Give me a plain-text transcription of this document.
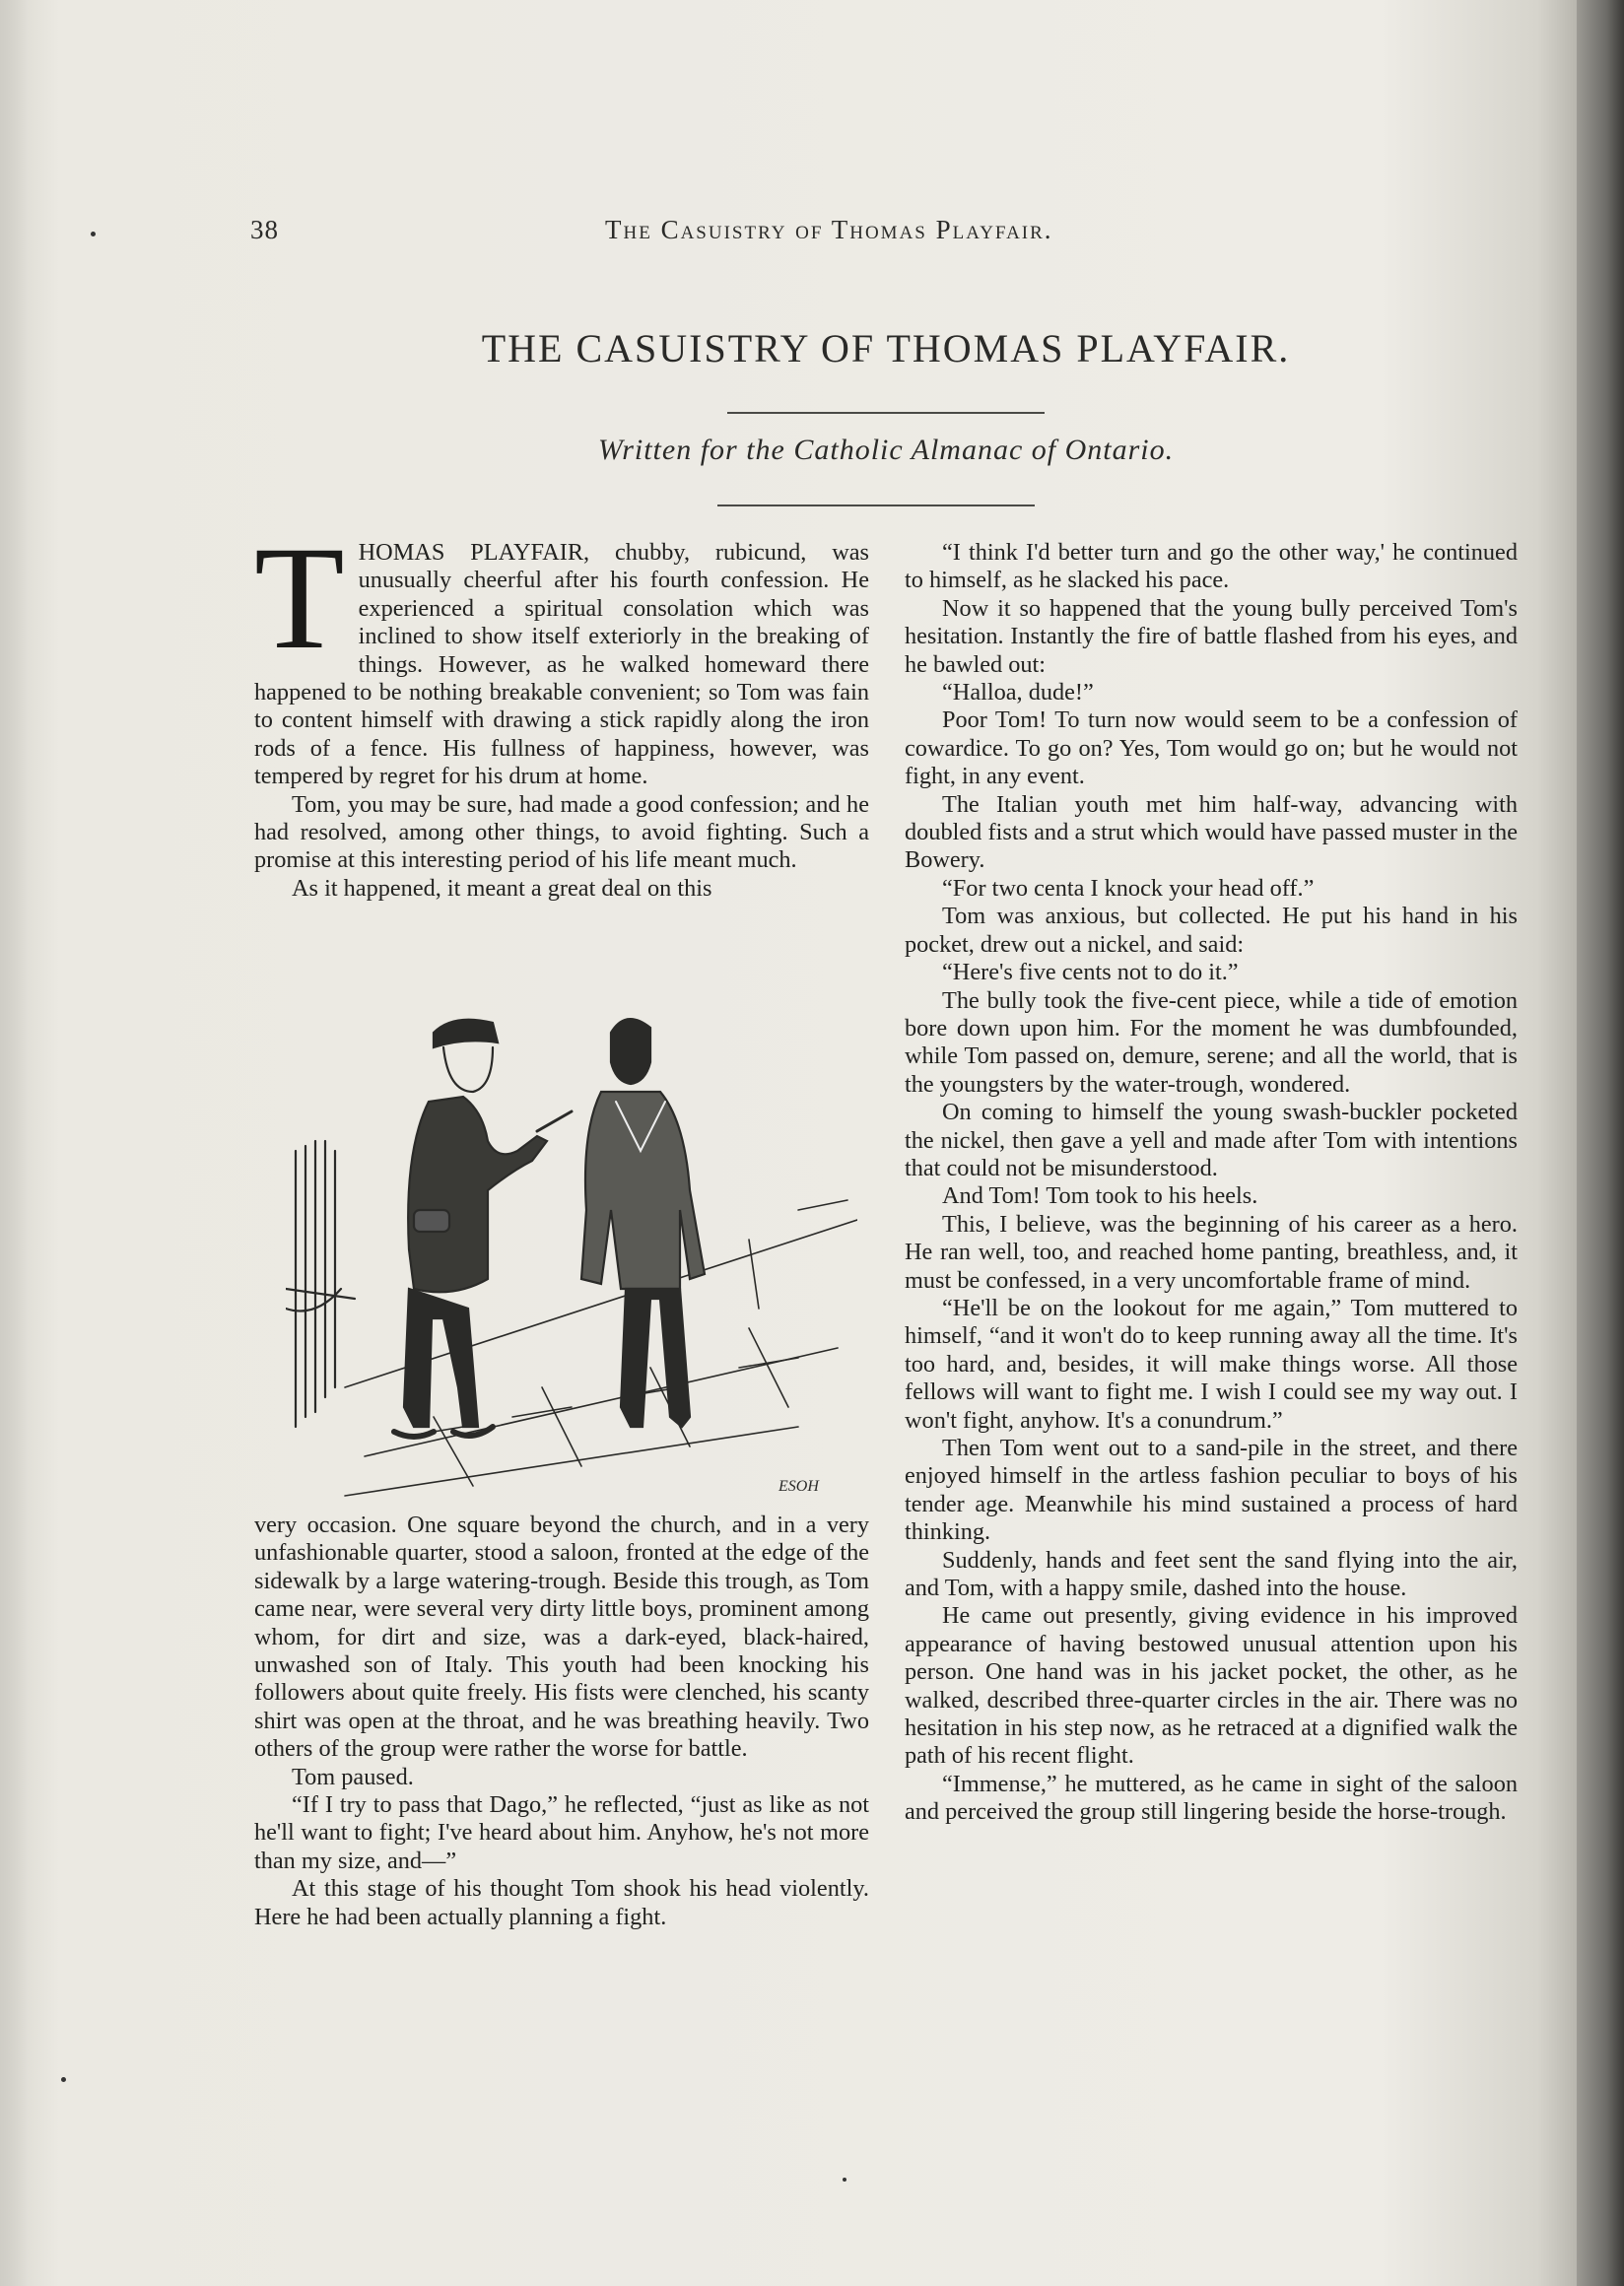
38	The Casuistry of Thomas Playfair.
THE CASUISTRY OF THOMAS PLAYFAIR.
Written for the Catholic Almanac of Ontario.

THOMAS PLAYFAIR, chubby, rubicund, was unusually cheerful after his fourth confession. He experienced a spiritual consolation which was inclined to show itself exteriorly in the breaking of things. However, as he walked homeward there happened to be nothing breakable convenient; so Tom was fain to content himself with drawing a stick rapidly along the iron rods of a fence. His fullness of happiness, however, was tempered by regret for his drum at home.

Tom, you may be sure, had made a good confession; and he had resolved, among other things, to avoid fighting. Such a promise at this interesting period of his life meant much.

As it happened, it meant a great deal on this

ESOH

very occasion. One square beyond the church, and in a very unfashionable quarter, stood a saloon, fronted at the edge of the sidewalk by a large watering-trough. Beside this trough, as Tom came near, were several very dirty little boys, prominent among whom, for dirt and size, was a dark-eyed, black-haired, unwashed son of Italy. This youth had been knocking his followers about quite freely. His fists were clenched, his scanty shirt was open at the throat, and he was breathing heavily. Two others of the group were rather the worse for battle.

Tom paused.

“If I try to pass that Dago,” he reflected, “just as like as not he'll want to fight; I've heard about him. Anyhow, he's not more than my size, and—”

At this stage of his thought Tom shook his head violently. Here he had been actually planning a fight.

“I think I'd better turn and go the other way,' he continued to himself, as he slacked his pace.

Now it so happened that the young bully perceived Tom's hesitation. Instantly the fire of battle flashed from his eyes, and he bawled out:

“Halloa, dude!”

Poor Tom! To turn now would seem to be a confession of cowardice. To go on? Yes, Tom would go on; but he would not fight, in any event.

The Italian youth met him half-way, advancing with doubled fists and a strut which would have passed muster in the Bowery.

“For two centa I knock your head off.”

Tom was anxious, but collected. He put his hand in his pocket, drew out a nickel, and said:

“Here's five cents not to do it.”

The bully took the five-cent piece, while a tide of emotion bore down upon him. For the moment he was dumbfounded, while Tom passed on, demure, serene; and all the world, that is the youngsters by the water-trough, wondered.

On coming to himself the young swash-buckler pocketed the nickel, then gave a yell and made after Tom with intentions that could not be misunderstood.

And Tom! Tom took to his heels.

This, I believe, was the beginning of his career as a hero. He ran well, too, and reached home panting, breathless, and, it must be confessed, in a very uncomfortable frame of mind.

“He'll be on the lookout for me again,” Tom muttered to himself, “and it won't do to keep running away all the time. It's too hard, and, besides, it will make things worse. All those fellows will want to fight me. I wish I could see my way out. I won't fight, anyhow. It's a conundrum.”

Then Tom went out to a sand-pile in the street, and there enjoyed himself in the artless fashion peculiar to boys of his tender age. Meanwhile his mind sustained a process of hard thinking.

Suddenly, hands and feet sent the sand flying into the air, and Tom, with a happy smile, dashed into the house.

He came out presently, giving evidence in his improved appearance of having bestowed unusual attention upon his person. One hand was in his jacket pocket, the other, as he walked, described three-quarter circles in the air. There was no hesitation in his step now, as he retraced at a dignified walk the path of his recent flight.

“Immense,” he muttered, as he came in sight of the saloon and perceived the group still lingering beside the horse-trough.
